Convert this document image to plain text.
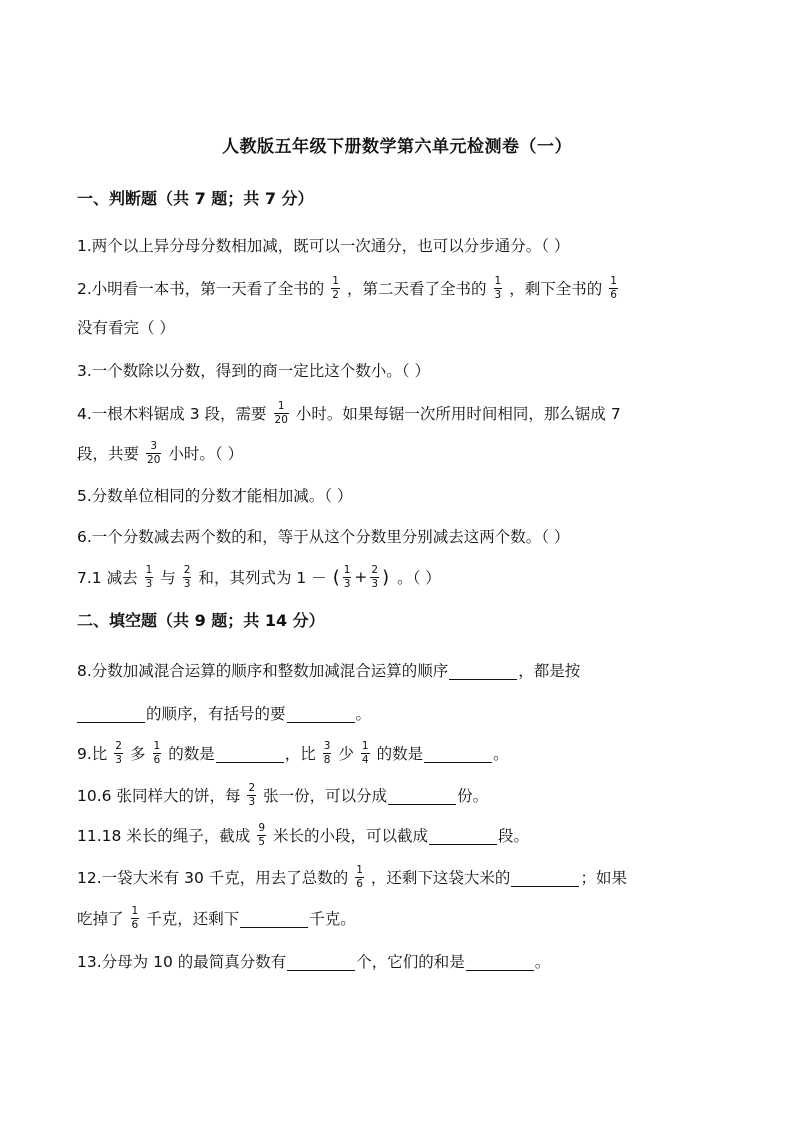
人教版五年级下册数学第六单元检测卷（一）
一、判断题（共 7 题；共 7 分）
1.两个以上异分母分数相加减，既可以一次通分，也可以分步通分。（ ）
2.小明看一本书，第一天看了全书的 $\frac{1}{2}$ ，第二天看了全书的 $\frac{1}{3}$ ，剩下全书的 $\frac{1}{6}$
没有看完（ ）
3.一个数除以分数，得到的商一定比这个数小。（ ）
4.一根木料锯成 3 段，需要 $\frac{1}{20}$ 小时。如果每锯一次所用时间相同，那么锯成 7
段，共要 $\frac{3}{20}$ 小时。（ ）
5.分数单位相同的分数才能相加减。（ ）
6.一个分数减去两个数的和，等于从这个分数里分别减去这两个数。（ ）
7.1 减去 $\frac{1}{3}$ 与 $\frac{2}{3}$ 和，其列式为 1 － ( $\frac{1}{3} + \frac{2}{3}$ ) 。（ ）
二、填空题（共 9 题；共 14 分）
8.分数加减混合运算的顺序和整数加减混合运算的顺序	，都是按
的顺序，有括号的要	。
9.比 $\frac{2}{3}$ 多 $\frac{1}{6}$ 的数是	，比 $\frac{3}{8}$ 少 $\frac{1}{4}$ 的数是	。
10.6 张同样大的饼，每 $\frac{2}{3}$ 张一份，可以分成	份。
11.18 米长的绳子，截成 $\frac{9}{5}$ 米长的小段，可以截成	段。
12.一袋大米有 30 千克，用去了总数的 $\frac{1}{6}$ ，还剩下这袋大米的	；如果
吃掉了 $\frac{1}{6}$ 千克，还剩下	千克。
13.分母为 10 的最简真分数有	个，它们的和是	。
